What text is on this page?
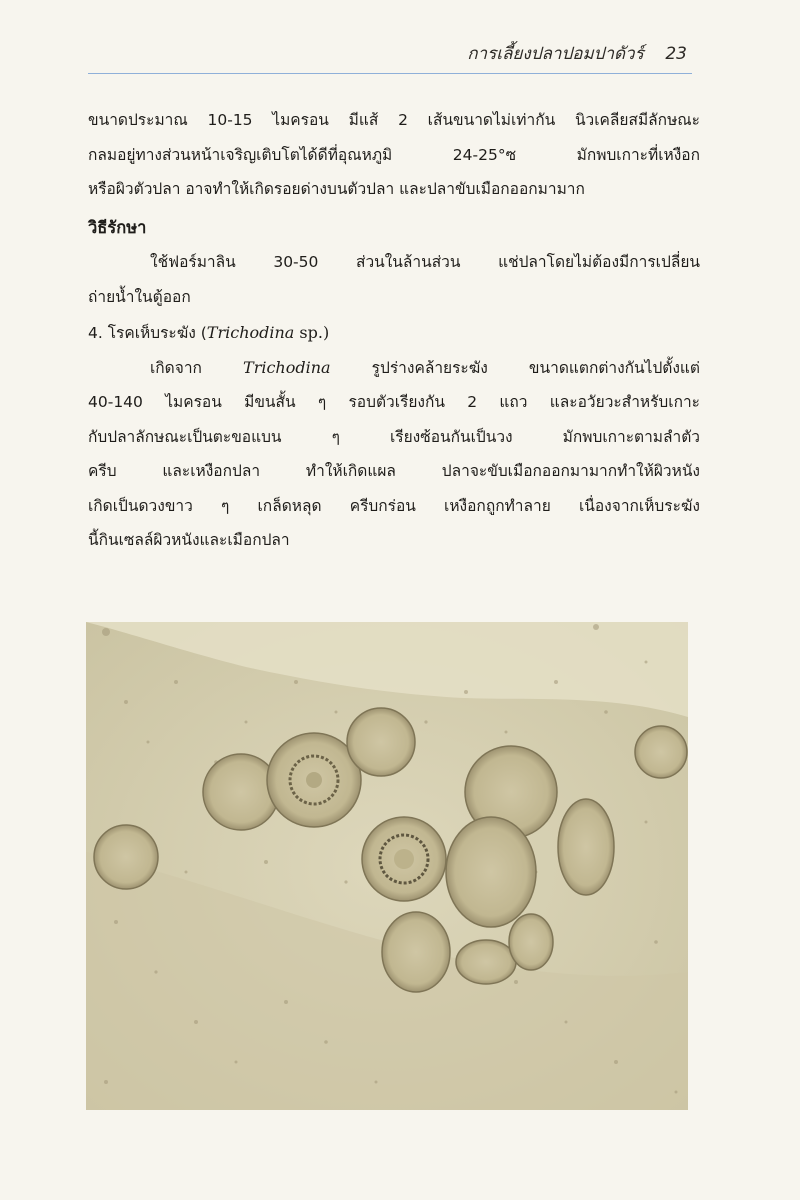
การเลี้ยงปลาปอมปาดัวร์ 23

ขนาดประมาณ 10-15 ไมครอน มีแส้ 2 เส้นขนาดไม่เท่ากัน นิวเคลียสมีลักษณะ

กลมอยู่ทางส่วนหน้าเจริญเติบโตได้ดีที่อุณหภูมิ 24-25°ซ มักพบเกาะที่เหงือก

หรือผิวตัวปลา อาจทำให้เกิดรอยด่างบนตัวปลา และปลาขับเมือกออกมามาก

วิธีรักษา

ใช้ฟอร์มาลิน 30-50 ส่วนในล้านส่วน แช่ปลาโดยไม่ต้องมีการเปลี่ยน

ถ่ายน้ำในตู้ออก

4. โรคเห็บระฆัง (Trichodina sp.)

เกิดจาก Trichodina รูปร่างคล้ายระฆัง ขนาดแตกต่างกันไปตั้งแต่

40-140 ไมครอน มีขนสั้น ๆ รอบตัวเรียงกัน 2 แถว และอวัยวะสำหรับเกาะ

กับปลาลักษณะเป็นตะขอแบน ๆ เรียงซ้อนกันเป็นวง มักพบเกาะตามลำตัว

ครีบ และเหงือกปลา ทำให้เกิดแผล ปลาจะขับเมือกออกมามากทำให้ผิวหนัง

เกิดเป็นดวงขาว ๆ เกล็ดหลุด ครีบกร่อน เหงือกถูกทำลาย เนื่องจากเห็บระฆัง

นี้กินเซลล์ผิวหนังและเมือกปลา
